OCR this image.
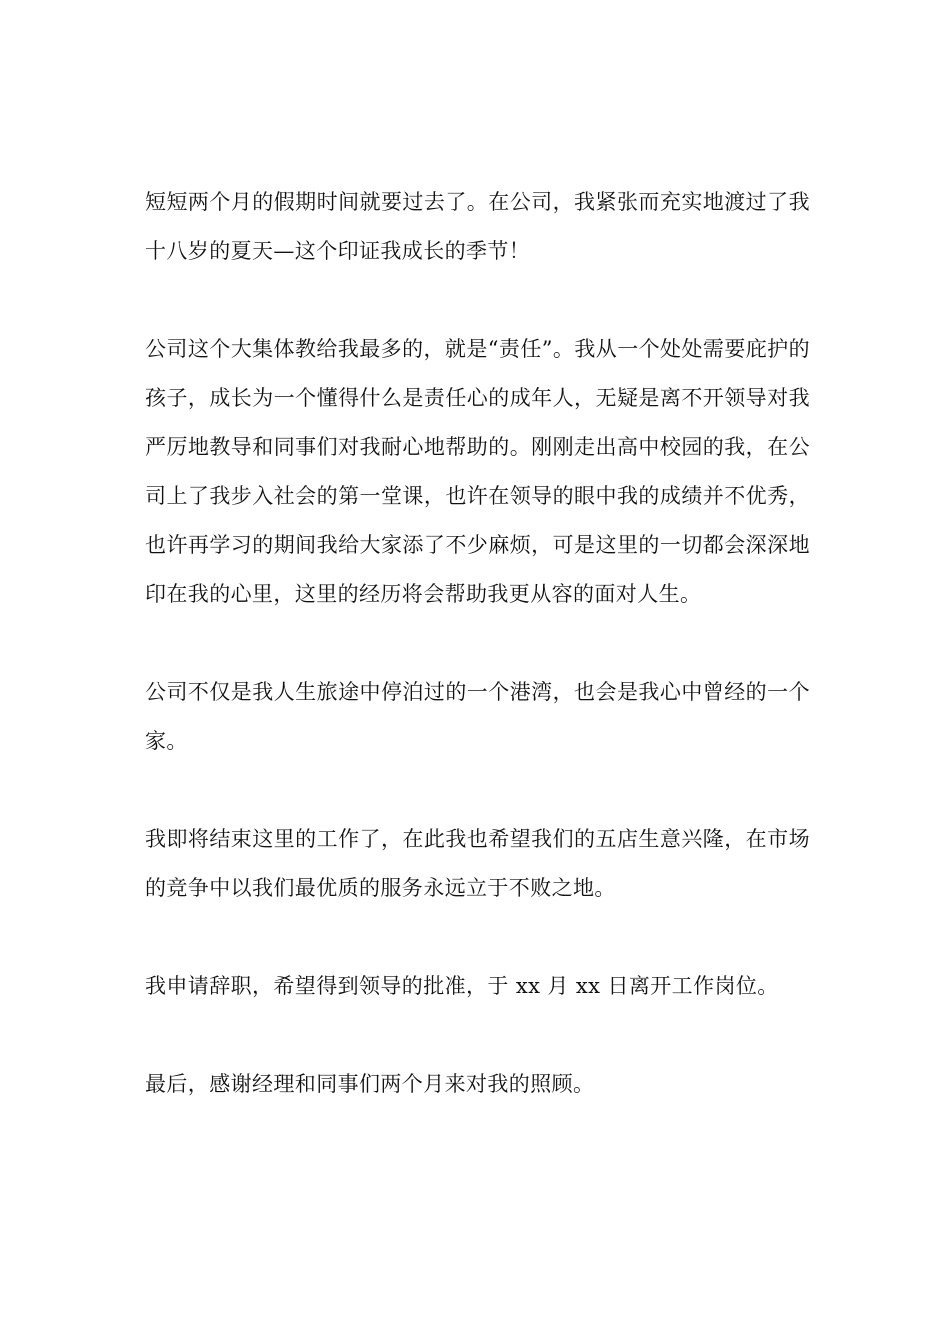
短短两个月的假期时间就要过去了。在公司，我紧张而充实地渡过了我十八岁的夏天—这个印证我成长的季节！

公司这个大集体教给我最多的，就是“责任”。我从一个处处需要庇护的孩子，成长为一个懂得什么是责任心的成年人，无疑是离不开领导对我严厉地教导和同事们对我耐心地帮助的。刚刚走出高中校园的我，在公司上了我步入社会的第一堂课，也许在领导的眼中我的成绩并不优秀，也许再学习的期间我给大家添了不少麻烦，可是这里的一切都会深深地印在我的心里，这里的经历将会帮助我更从容的面对人生。

公司不仅是我人生旅途中停泊过的一个港湾，也会是我心中曾经的一个家。

我即将结束这里的工作了，在此我也希望我们的五店生意兴隆，在市场的竞争中以我们最优质的服务永远立于不败之地。

我申请辞职，希望得到领导的批准，于 xx 月 xx 日离开工作岗位。

最后，感谢经理和同事们两个月来对我的照顾。
